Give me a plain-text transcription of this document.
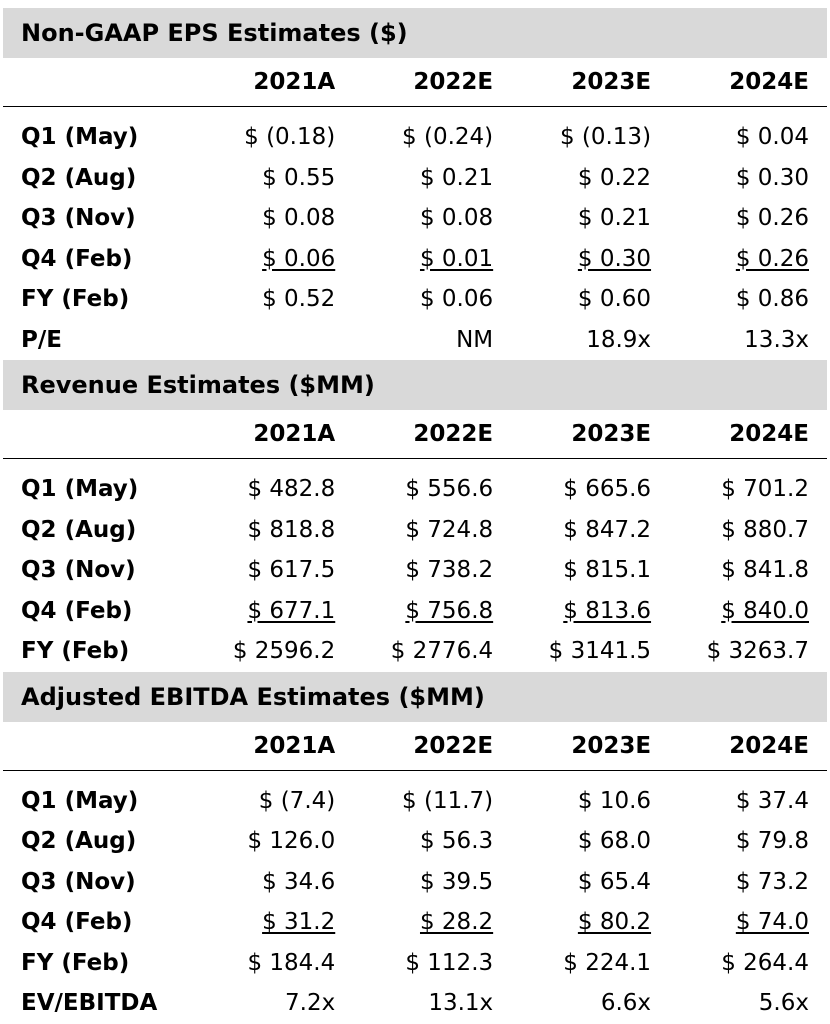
Non-GAAP EPS Estimates ($)
	2021A	2022E	2023E	2024E
Q1 (May)	$ (0.18)	$ (0.24)	$ (0.13)	$ 0.04
Q2 (Aug)	$ 0.55	$ 0.21	$ 0.22	$ 0.30
Q3 (Nov)	$ 0.08	$ 0.08	$ 0.21	$ 0.26
Q4 (Feb)	$ 0.06	$ 0.01	$ 0.30	$ 0.26
FY (Feb)	$ 0.52	$ 0.06	$ 0.60	$ 0.86
P/E		NM	18.9x	13.3x
Revenue Estimates ($MM)
	2021A	2022E	2023E	2024E
Q1 (May)	$ 482.8	$ 556.6	$ 665.6	$ 701.2
Q2 (Aug)	$ 818.8	$ 724.8	$ 847.2	$ 880.7
Q3 (Nov)	$ 617.5	$ 738.2	$ 815.1	$ 841.8
Q4 (Feb)	$ 677.1	$ 756.8	$ 813.6	$ 840.0
FY (Feb)	$ 2596.2	$ 2776.4	$ 3141.5	$ 3263.7
Adjusted EBITDA Estimates ($MM)
	2021A	2022E	2023E	2024E
Q1 (May)	$ (7.4)	$ (11.7)	$ 10.6	$ 37.4
Q2 (Aug)	$ 126.0	$ 56.3	$ 68.0	$ 79.8
Q3 (Nov)	$ 34.6	$ 39.5	$ 65.4	$ 73.2
Q4 (Feb)	$ 31.2	$ 28.2	$ 80.2	$ 74.0
FY (Feb)	$ 184.4	$ 112.3	$ 224.1	$ 264.4
EV/EBITDA	7.2x	13.1x	6.6x	5.6x
